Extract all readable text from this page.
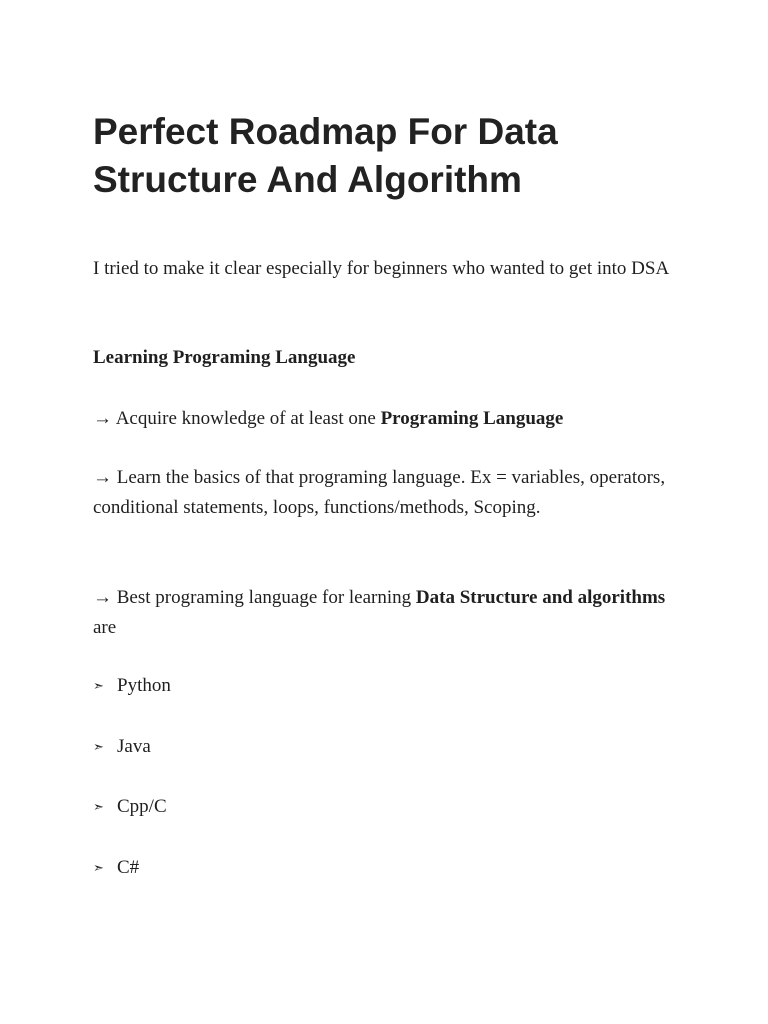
Perfect Roadmap For Data Structure And Algorithm

I tried to make it clear especially for beginners who wanted to get into DSA

Learning Programing Language

→ Acquire knowledge of at least one Programing Language

→ Learn the basics of that programing language. Ex = variables, operators, conditional statements, loops, functions/methods, Scoping.

→ Best programing language for learning Data Structure and algorithms are

➣ Python

➣ Java

➣ Cpp/C

➣ C#
